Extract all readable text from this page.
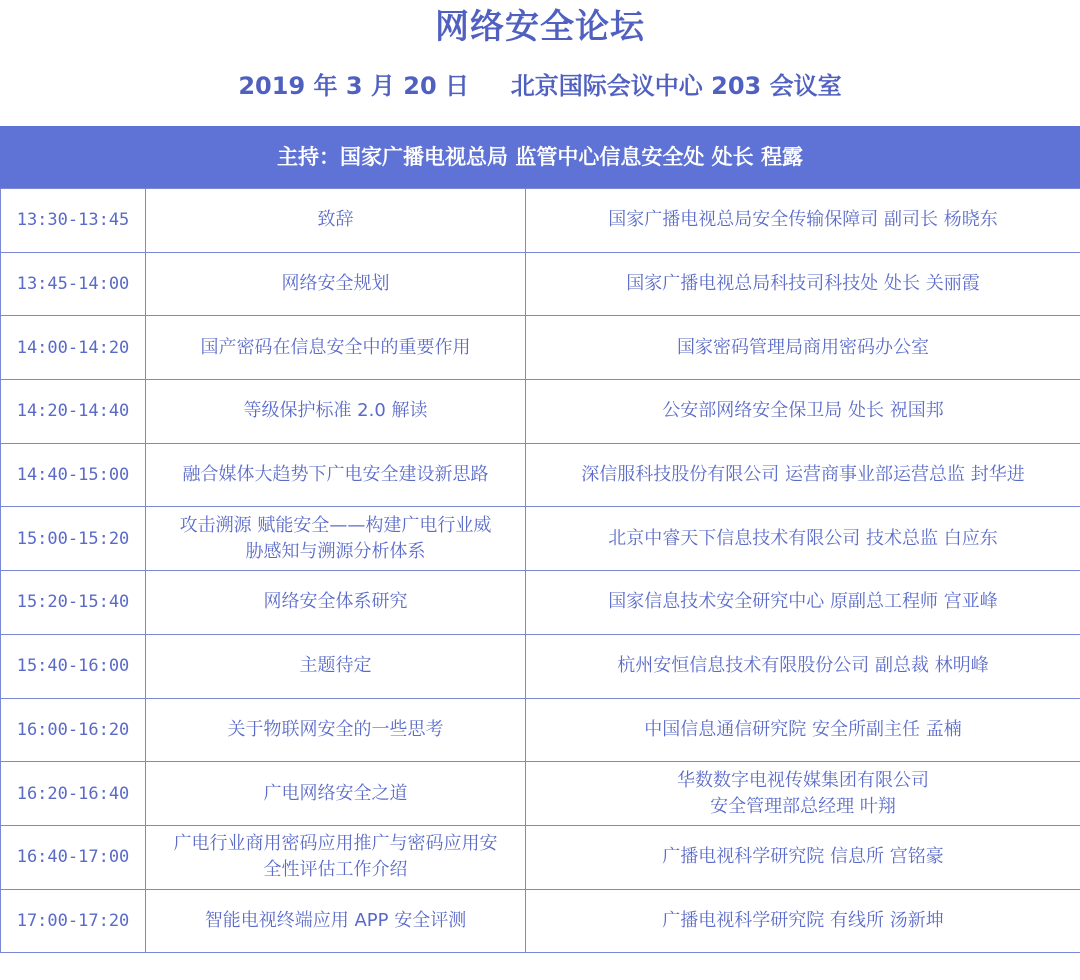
网络安全论坛
2019 年 3 月 20 日     北京国际会议中心 203 会议室
主持：国家广播电视总局 监管中心信息安全处 处长 程露
13:30-13:45	致辞	国家广播电视总局安全传输保障司 副司长 杨晓东

13:45-14:00	网络安全规划	国家广播电视总局科技司科技处 处长 关丽霞

14:00-14:20	国产密码在信息安全中的重要作用	国家密码管理局商用密码办公室

14:20-14:40	等级保护标准 2.0 解读	公安部网络安全保卫局 处长 祝国邦

14:40-15:00	融合媒体大趋势下广电安全建设新思路	深信服科技股份有限公司 运营商事业部运营总监 封华进

15:00-15:20	攻击溯源 赋能安全——构建广电行业威
胁感知与溯源分析体系	北京中睿天下信息技术有限公司 技术总监 白应东

15:20-15:40	网络安全体系研究	国家信息技术安全研究中心 原副总工程师 宫亚峰

15:40-16:00	主题待定	杭州安恒信息技术有限股份公司 副总裁 林明峰

16:00-16:20	关于物联网安全的一些思考	中国信息通信研究院 安全所副主任 孟楠

16:20-16:40	广电网络安全之道	华数数字电视传媒集团有限公司
安全管理部总经理 叶翔

16:40-17:00	广电行业商用密码应用推广与密码应用安
全性评估工作介绍	广播电视科学研究院 信息所 宫铭豪

17:00-17:20	智能电视终端应用 APP 安全评测	广播电视科学研究院 有线所 汤新坤
